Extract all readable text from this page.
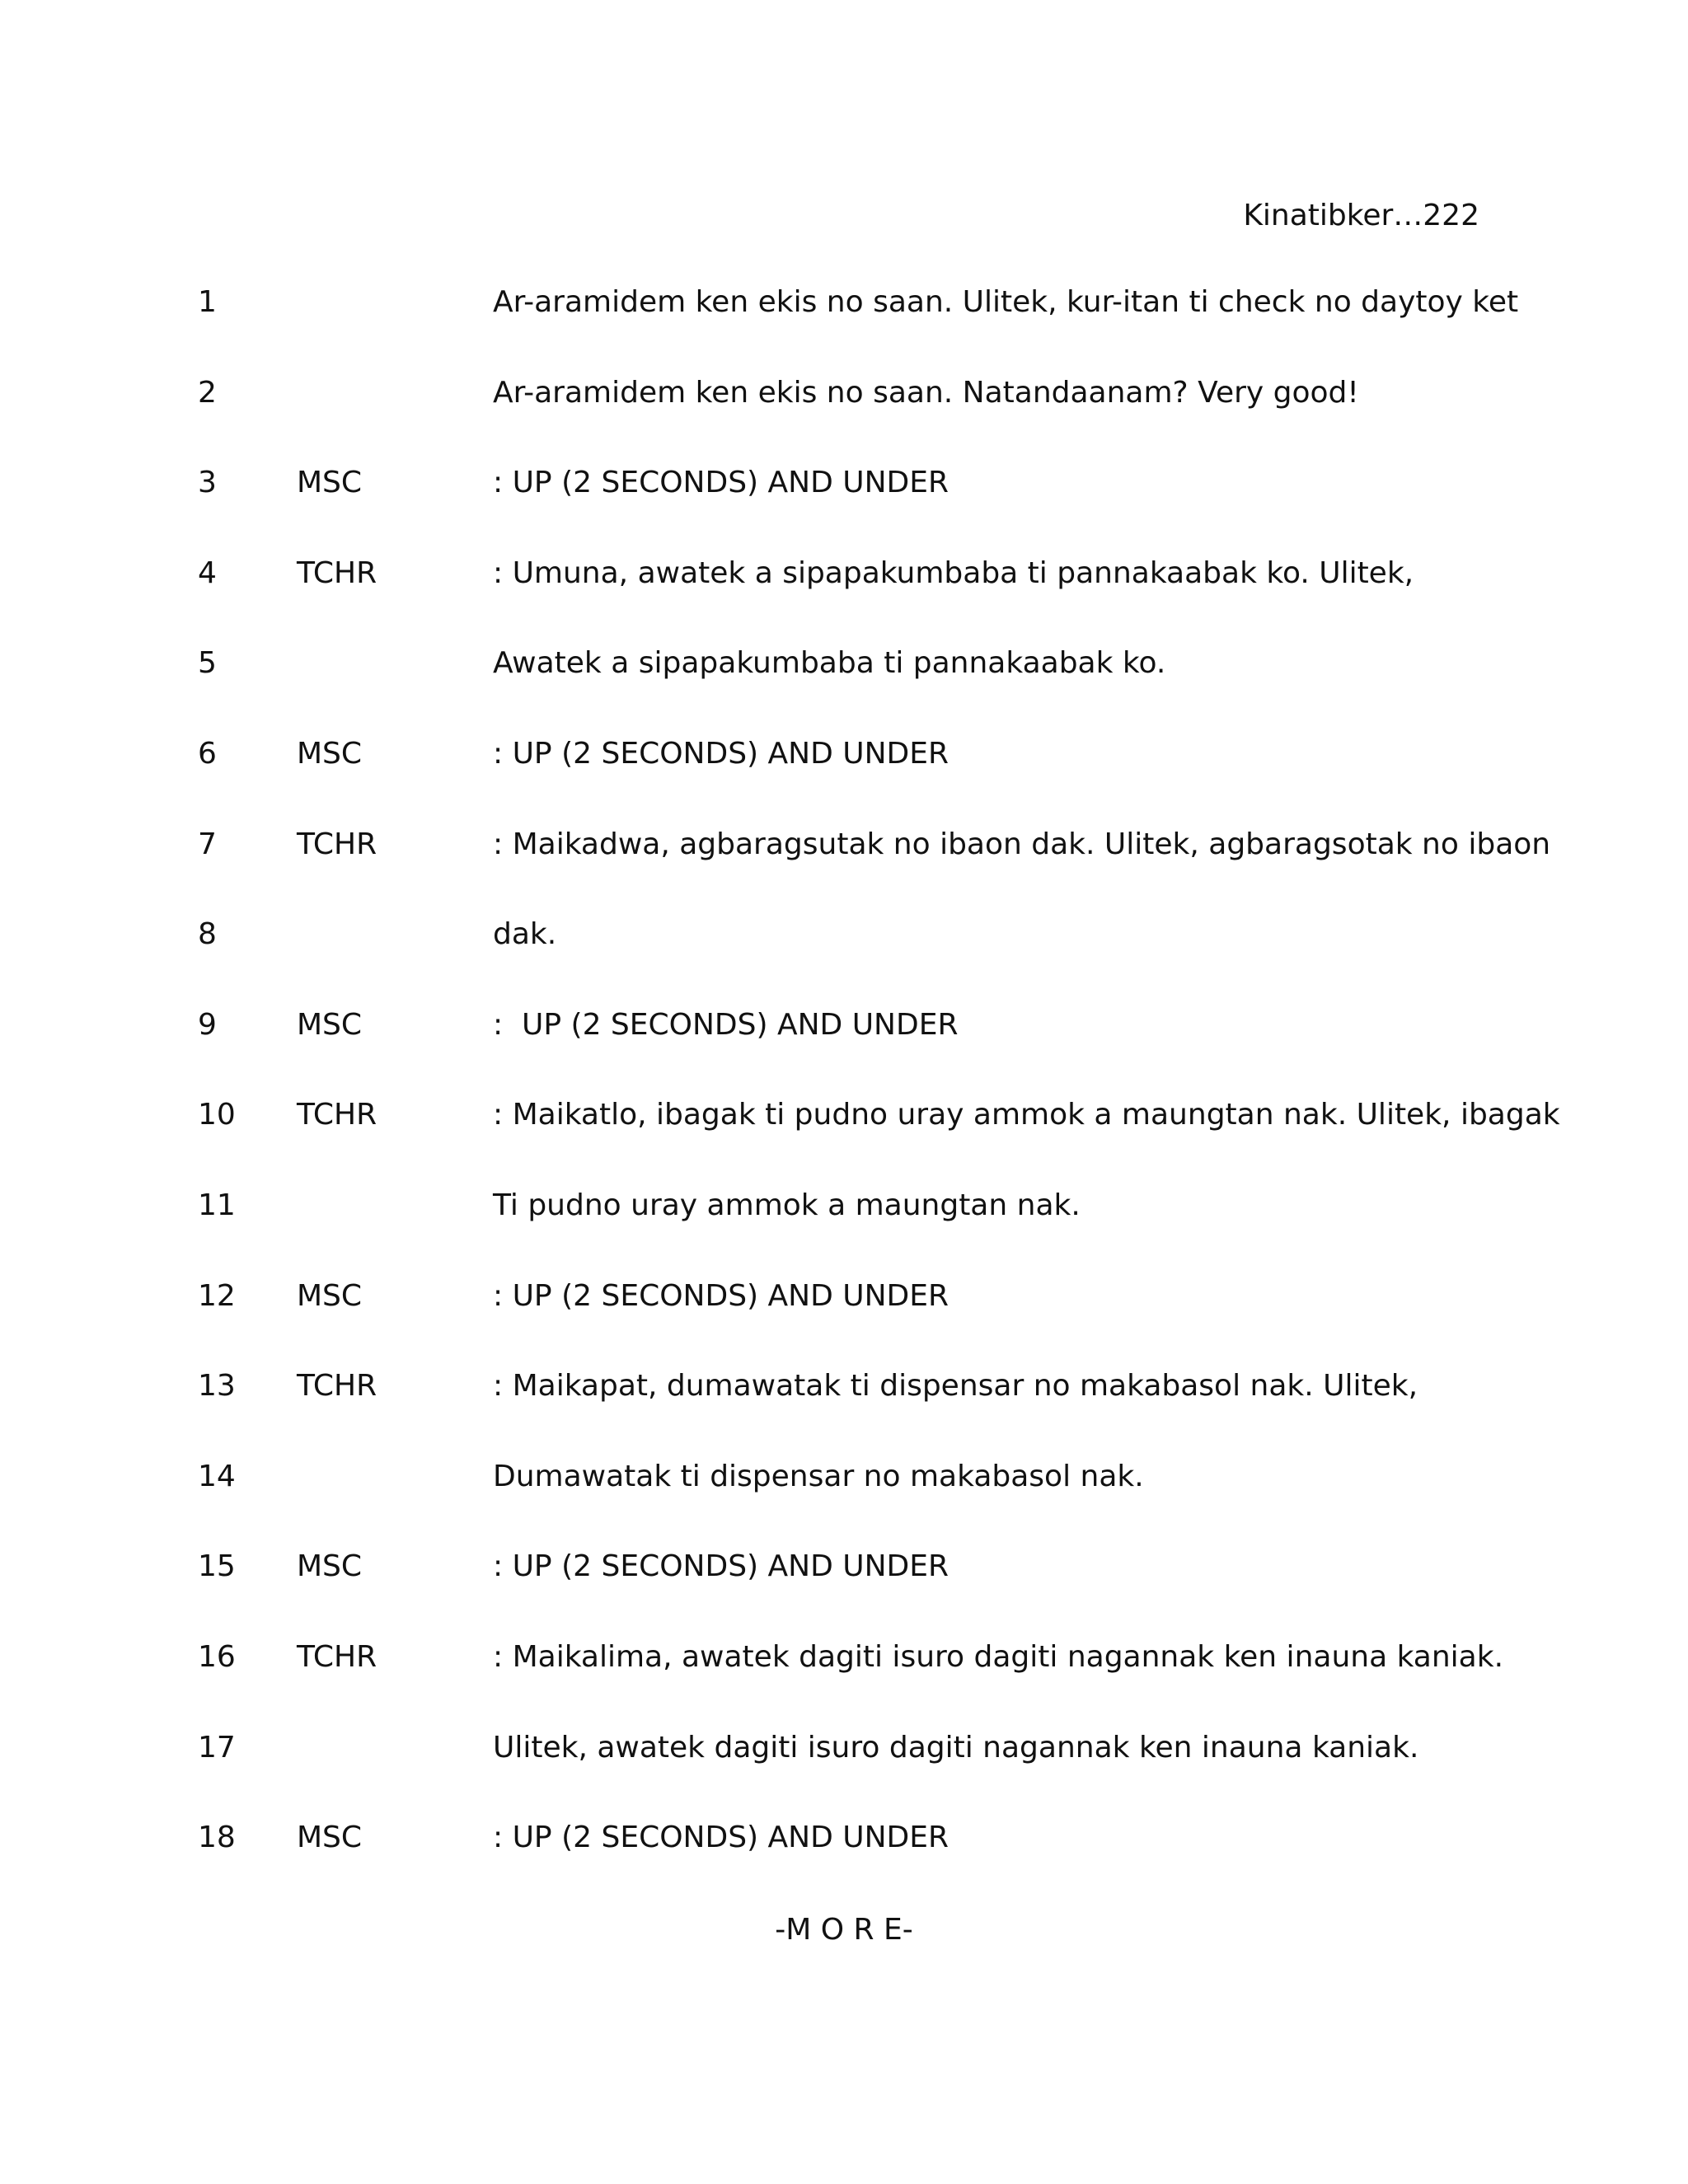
Kinatibker…222
1	Ar-aramidem ken ekis no saan. Ulitek, kur-itan ti check no daytoy ket
2	Ar-aramidem ken ekis no saan. Natandaanam? Very good!
3	MSC	: UP (2 SECONDS) AND UNDER
4	TCHR	: Umuna, awatek a sipapakumbaba ti pannakaabak ko. Ulitek,
5	Awatek a sipapakumbaba ti pannakaabak ko.
6	MSC	: UP (2 SECONDS) AND UNDER
7	TCHR	: Maikadwa, agbaragsutak no ibaon dak. Ulitek, agbaragsotak no ibaon
8	dak.
9	MSC	:  UP (2 SECONDS) AND UNDER
10 TCHR	: Maikatlo, ibagak ti pudno uray ammok a maungtan nak. Ulitek, ibagak
11	Ti pudno uray ammok a maungtan nak.
12 MSC	: UP (2 SECONDS) AND UNDER
13 TCHR	: Maikapat, dumawatak ti dispensar no makabasol nak. Ulitek,
14	Dumawatak ti dispensar no makabasol nak.
15 MSC	: UP (2 SECONDS) AND UNDER
16 TCHR	: Maikalima, awatek dagiti isuro dagiti nagannak ken inauna kaniak.
17	Ulitek, awatek dagiti isuro dagiti nagannak ken inauna kaniak.
18 MSC	: UP (2 SECONDS) AND UNDER
-M O R E-
